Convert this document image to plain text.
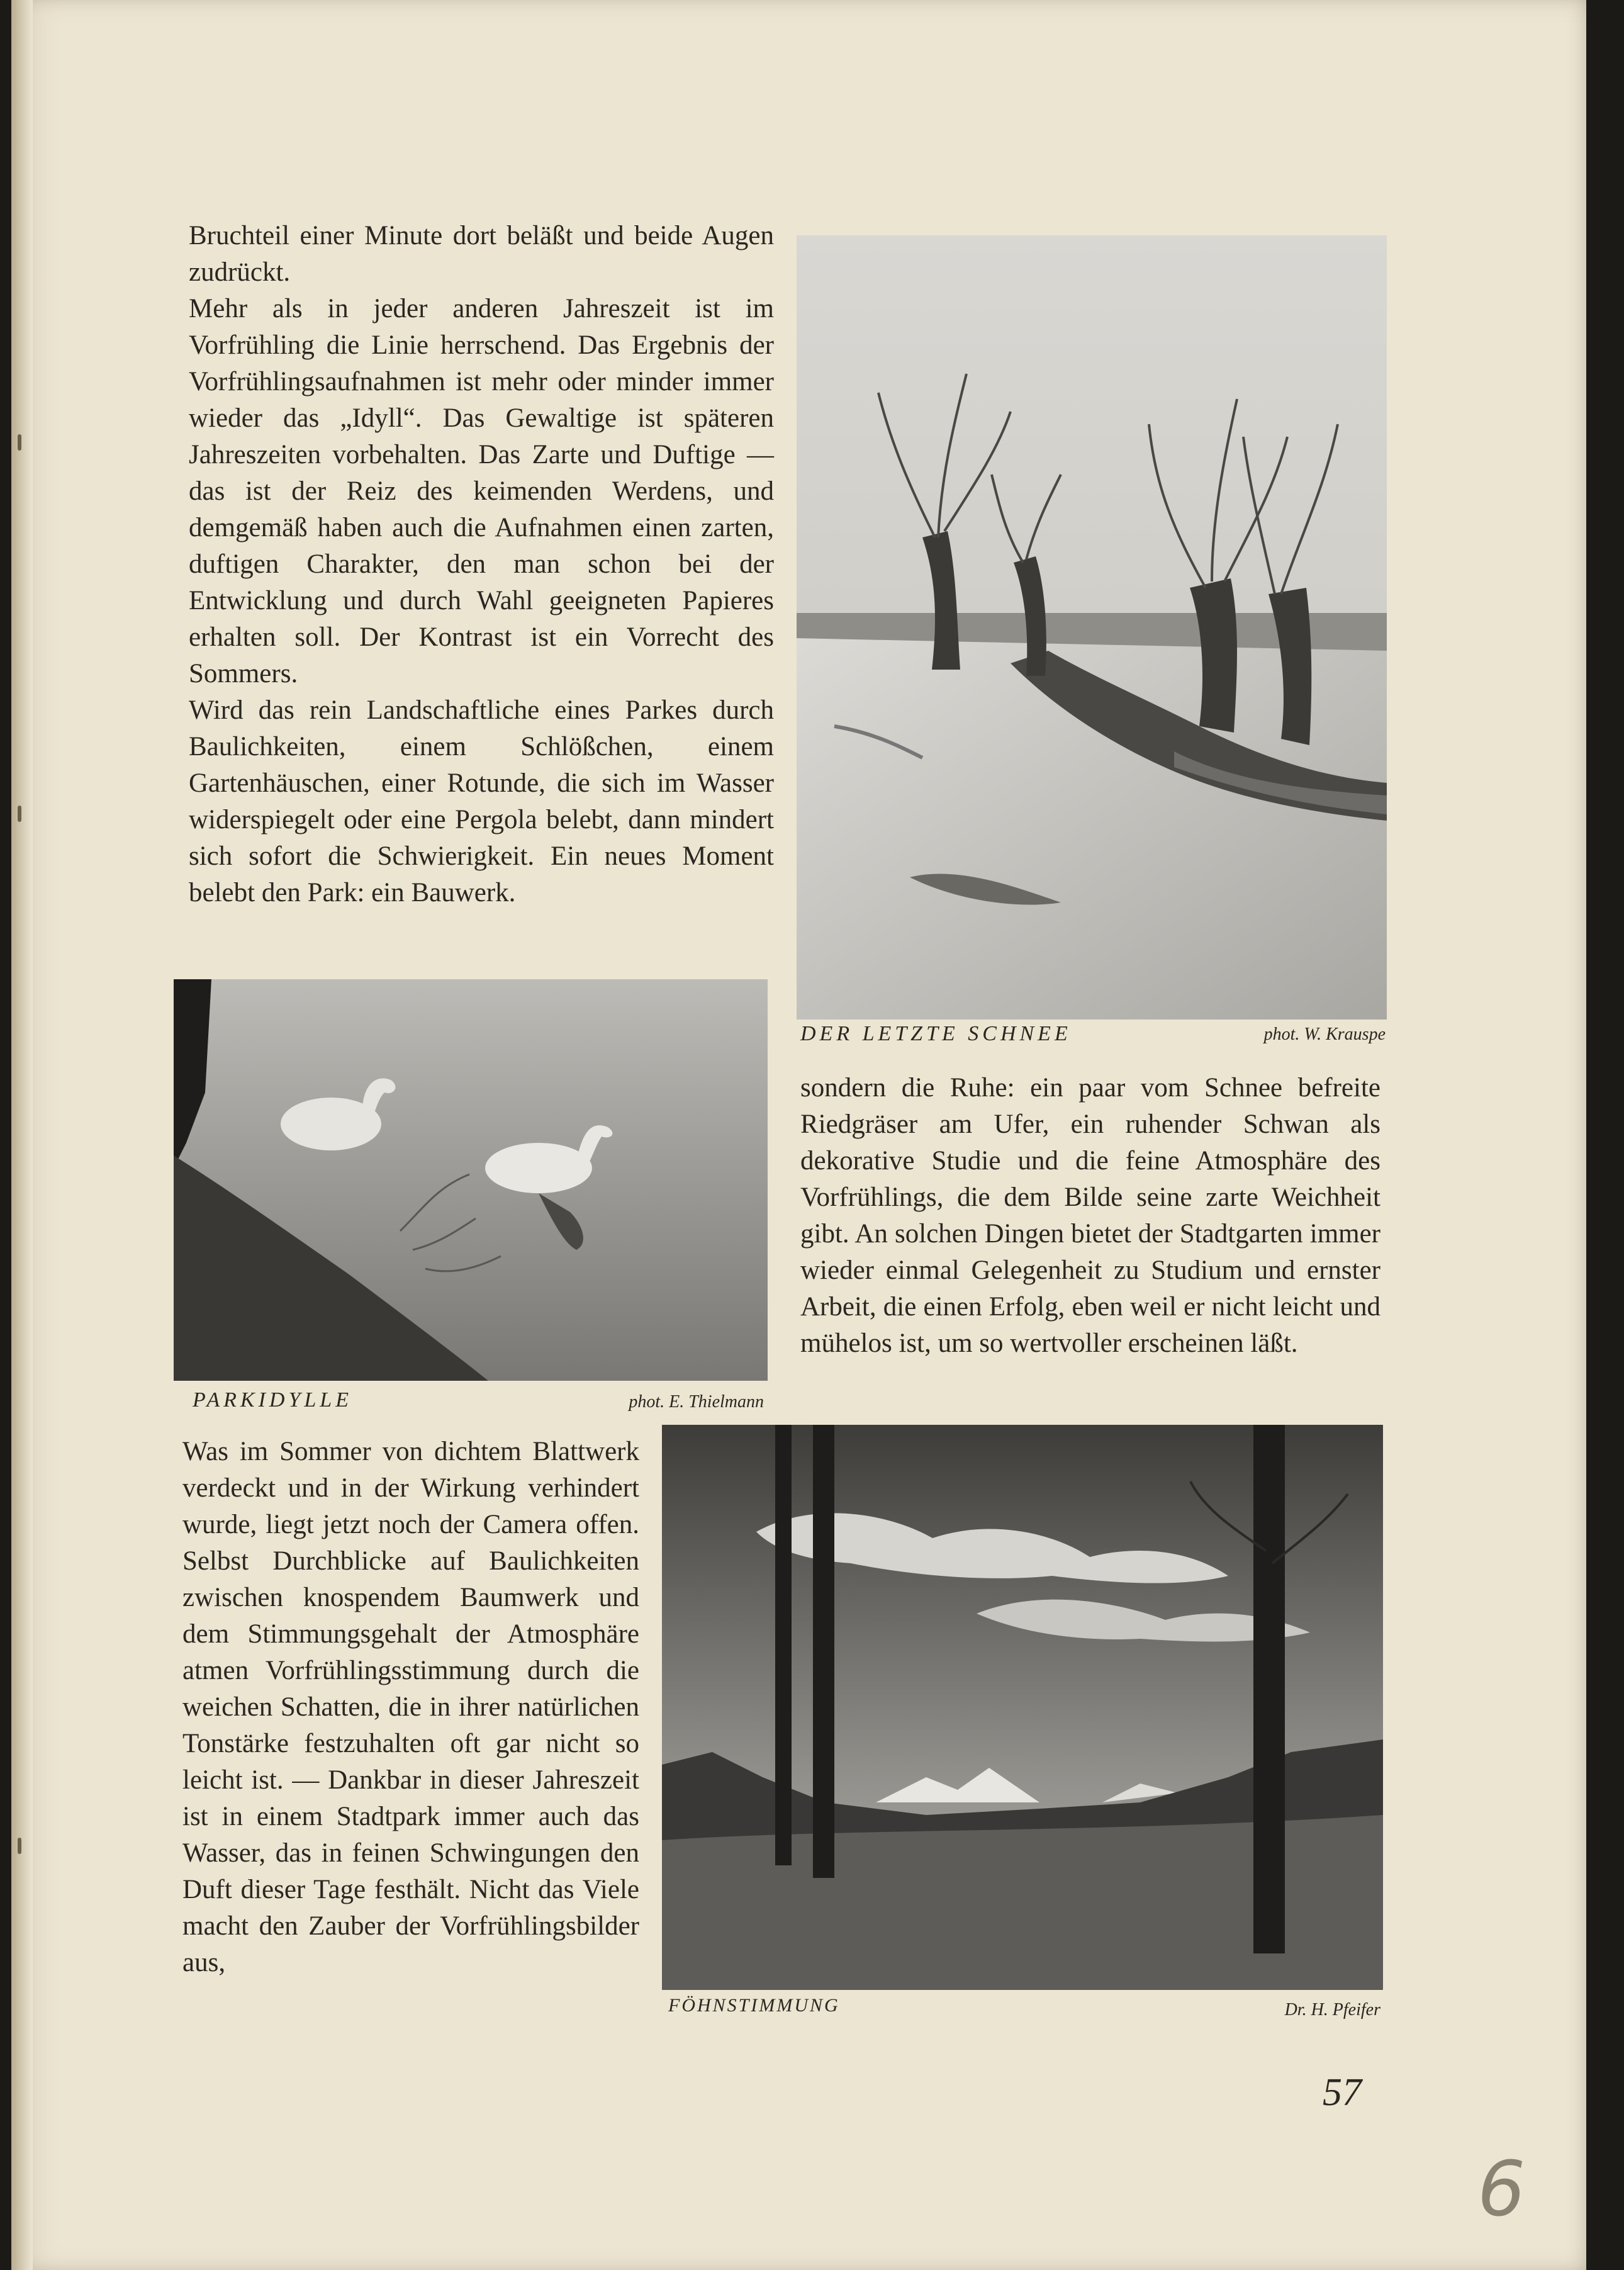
Bruchteil einer Minute dort beläßt und beide Augen zudrückt.

Mehr als in jeder anderen Jahreszeit ist im Vorfrühling die Linie herrschend. Das Ergebnis der Vorfrühlingsaufnahmen ist mehr oder minder immer wieder das „Idyll“. Das Gewaltige ist späteren Jahreszeiten vorbehalten. Das Zarte und Duftige — das ist der Reiz des keimenden Werdens, und demgemäß haben auch die Aufnahmen einen zarten, duftigen Charakter, den man schon bei der Entwicklung und durch Wahl geeigneten Papieres erhalten soll. Der Kontrast ist ein Vorrecht des Sommers.

Wird das rein Landschaftliche eines Parkes durch Baulichkeiten, einem Schlößchen, einem Gartenhäuschen, einer Rotunde, die sich im Wasser widerspiegelt oder eine Pergola belebt, dann mindert sich sofort die Schwierigkeit. Ein neues Moment belebt den Park: ein Bauwerk.

DER LETZTE SCHNEE	phot. W. Krauspe
PARKIDYLLE	phot. E. Thielmann

sondern die Ruhe: ein paar vom Schnee befreite Riedgräser am Ufer, ein ruhender Schwan als dekorative Studie und die feine Atmosphäre des Vorfrühlings, die dem Bilde seine zarte Weichheit gibt. An solchen Dingen bietet der Stadtgarten immer wieder einmal Gelegenheit zu Studium und ernster Arbeit, die einen Erfolg, eben weil er nicht leicht und mühelos ist, um so wertvoller erscheinen läßt.

Was im Sommer von dichtem Blattwerk verdeckt und in der Wirkung verhindert wurde, liegt jetzt noch der Camera offen. Selbst Durchblicke auf Baulichkeiten zwischen knospendem Baumwerk und dem Stimmungsgehalt der Atmosphäre atmen Vorfrühlingsstimmung durch die weichen Schatten, die in ihrer natürlichen Tonstärke festzuhalten oft gar nicht so leicht ist. — Dankbar in dieser Jahreszeit ist in einem Stadtpark immer auch das Wasser, das in feinen Schwingungen den Duft dieser Tage festhält. Nicht das Viele macht den Zauber der Vorfrühlingsbilder aus,

FÖHNSTIMMUNG	Dr. H. Pfeifer
57
6
